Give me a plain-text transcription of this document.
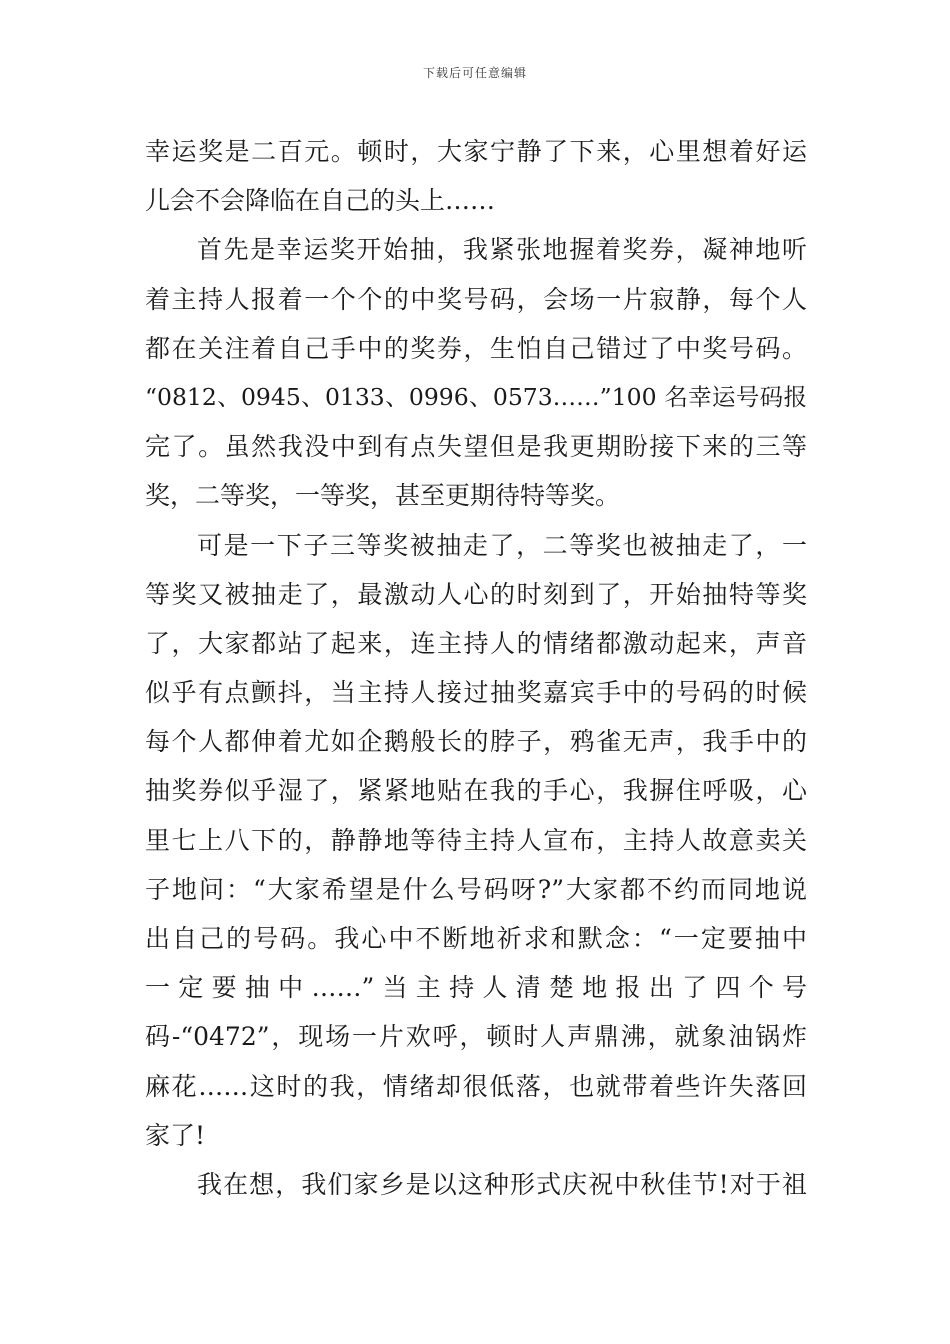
下载后可任意编辑
幸运奖是二百元。顿时，大家宁静了下来，心里想着好运
儿会不会降临在自己的头上……
首先是幸运奖开始抽，我紧张地握着奖券，凝神地听
着主持人报着一个个的中奖号码，会场一片寂静，每个人
都在关注着自己手中的奖券，生怕自己错过了中奖号码。
“0812、0945、0133、0996、0573……”100 名幸运号码报
完了。虽然我没中到有点失望但是我更期盼接下来的三等
奖，二等奖，一等奖，甚至更期待特等奖。
可是一下子三等奖被抽走了，二等奖也被抽走了，一
等奖又被抽走了，最激动人心的时刻到了，开始抽特等奖
了，大家都站了起来，连主持人的情绪都激动起来，声音
似乎有点颤抖，当主持人接过抽奖嘉宾手中的号码的时候
每个人都伸着尤如企鹅般长的脖子，鸦雀无声，我手中的
抽奖券似乎湿了，紧紧地贴在我的手心，我摒住呼吸，心
里七上八下的，静静地等待主持人宣布，主持人故意卖关
子地问：“大家希望是什么号码呀?”大家都不约而同地说
出自己的号码。我心中不断地祈求和默念：“一定要抽中
一定要抽中……”当主持人清楚地报出了四个号
码-“0472”，现场一片欢呼，顿时人声鼎沸，就象油锅炸
麻花……这时的我，情绪却很低落，也就带着些许失落回
家了!
我在想，我们家乡是以这种形式庆祝中秋佳节!对于祖
